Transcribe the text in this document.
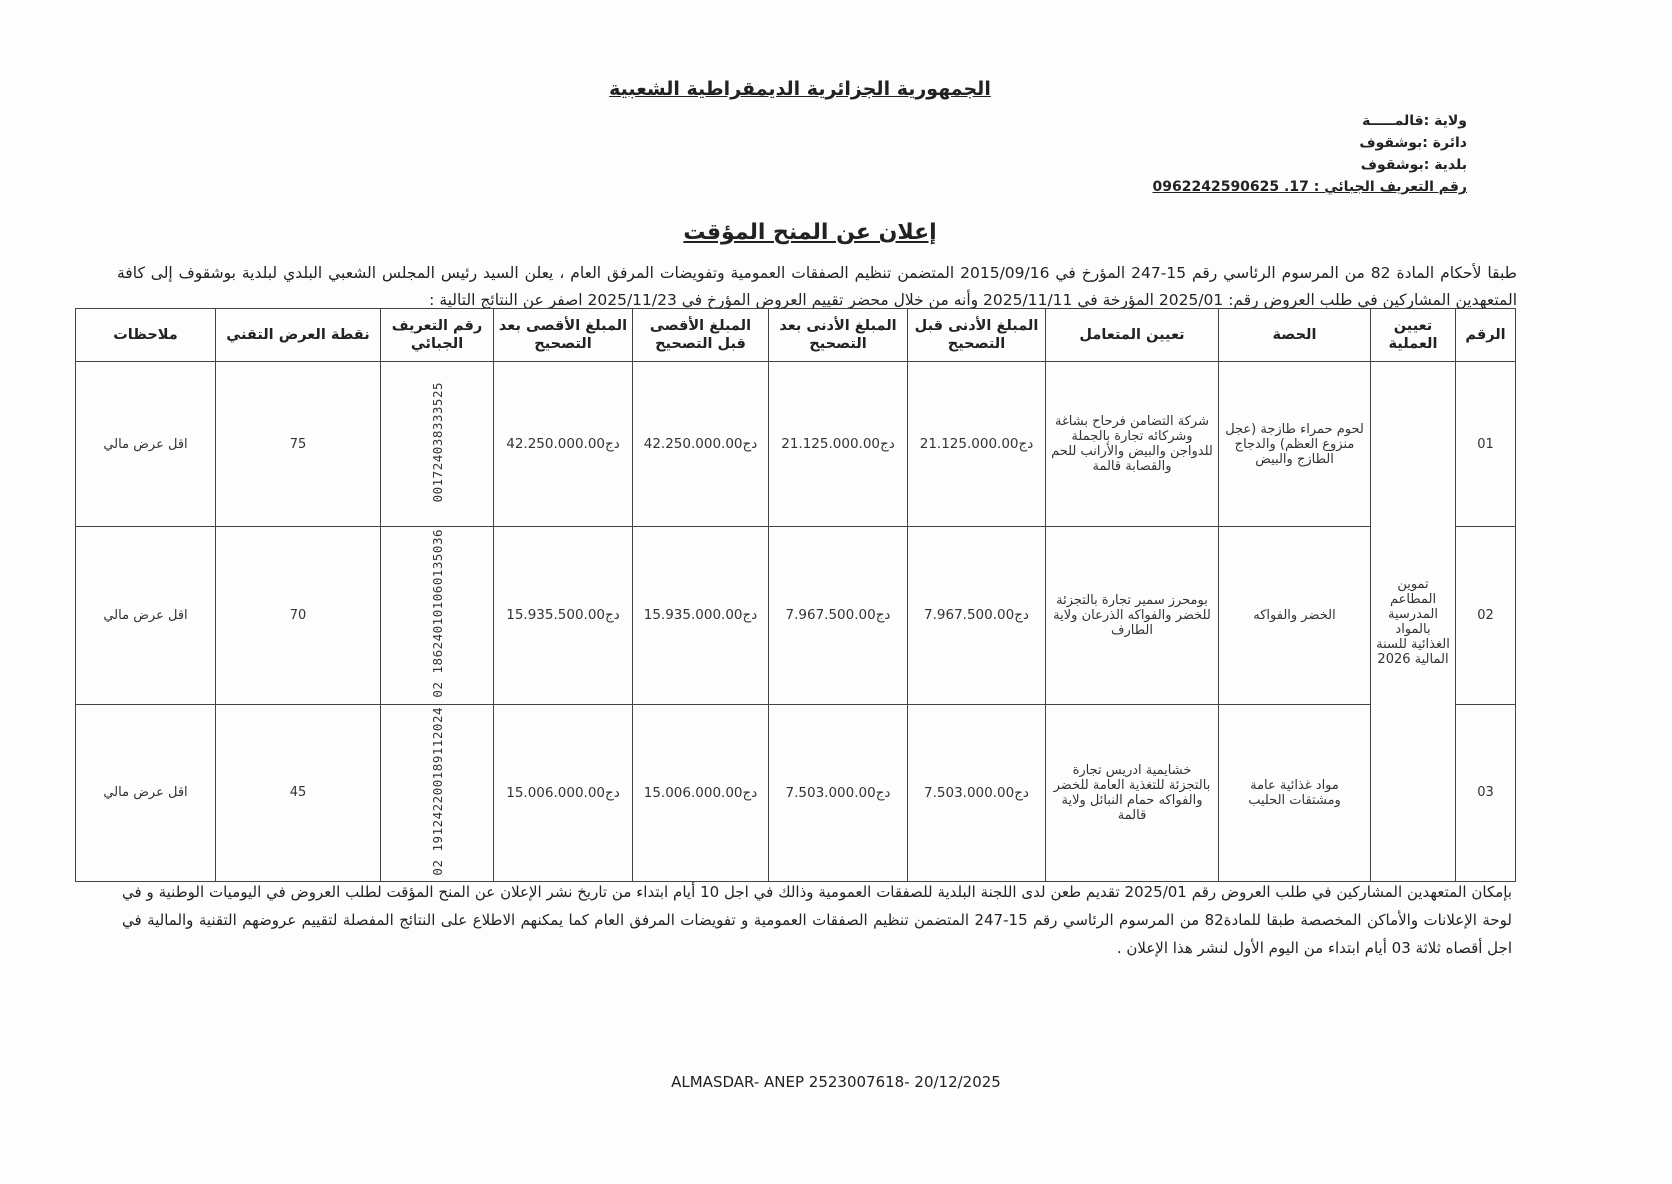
الجمهورية الجزائرية الديمقراطية الشعبية
ولاية :قالمـــــة
دائرة :بوشقوف
بلدية :بوشقوف
رقم التعريف الجبائي : 17. 0962242590625
إعلان عن المنح المؤقت
طبقا لأحكام المادة 82 من المرسوم الرئاسي رقم 15-247 المؤرخ في 2015/09/16 المتضمن تنظيم الصفقات العمومية وتفويضات المرفق العام ، يعلن السيد رئيس المجلس الشعبي البلدي لبلدية بوشقوف إلى كافة المتعهدين المشاركين في طلب العروض رقم: 2025/01 المؤرخة في 2025/11/11 وأنه من خلال محضر تقييم العروض المؤرخ في 2025/11/23 اصفر عن النتائج التالية :
الرقم	تعيين العملية	الحصة	تعيين المتعامل	المبلغ الأدنى قبل التصحيح	المبلغ الأدنى بعد التصحيح	المبلغ الأقصى قبل التصحيح	المبلغ الأقصى بعد التصحيح	رقم التعريف الجبائي	نقطة العرض التقني	ملاحظات
01	تموين المطاعم المدرسية بالمواد الغذائية للسنة المالية 2026	لحوم حمراء طازجة (عجل منزوع العظم) والدجاج الطازج والبيض	شركة التضامن فرحاح بشاغة وشركائه تجارة بالجملة للدواجن والبيض والأرانب للحم والقصابة قالمة	21.125.000.00دج	21.125.000.00دج	42.250.000.00دج	42.250.000.00دج	001724038333525	75	اقل عرض مالي
02		الخضر والفواكه	بومحرز سمير تجارة بالتجزئة للخضر والفواكه الذرعان ولاية الطارف	7.967.500.00دج	7.967.500.00دج	15.935.000.00دج	15.935.500.00دج	186240101060135036 02	70	اقل عرض مالي
03		مواد غذائية عامة ومشتقات الحليب	خشايمية ادريس تجارة بالتجزئة للتغذية العامة للخضر والفواكه حمام النبائل ولاية قالمة	7.503.000.00دج	7.503.000.00دج	15.006.000.00دج	15.006.000.00دج	191242200189112024 02	45	اقل عرض مالي
بإمكان المتعهدين المشاركين في طلب العروض رقم 2025/01 تقديم طعن لدى اللجنة البلدية للصفقات العمومية وذالك في اجل 10 أيام ابتداء من تاريخ نشر الإعلان عن المنح المؤقت لطلب العروض في اليوميات الوطنية و في لوحة الإعلانات والأماكن المخصصة طبقا للمادة82 من المرسوم الرئاسي رقم 15-247 المتضمن تنظيم الصفقات العمومية و تفويضات المرفق العام كما يمكنهم الاطلاع على النتائج المفصلة لتقييم عروضهم التقنية والمالية في اجل أقصاه ثلاثة 03 أيام ابتداء من اليوم الأول لنشر هذا الإعلان .
ALMASDAR- ANEP 2523007618- 20/12/2025
